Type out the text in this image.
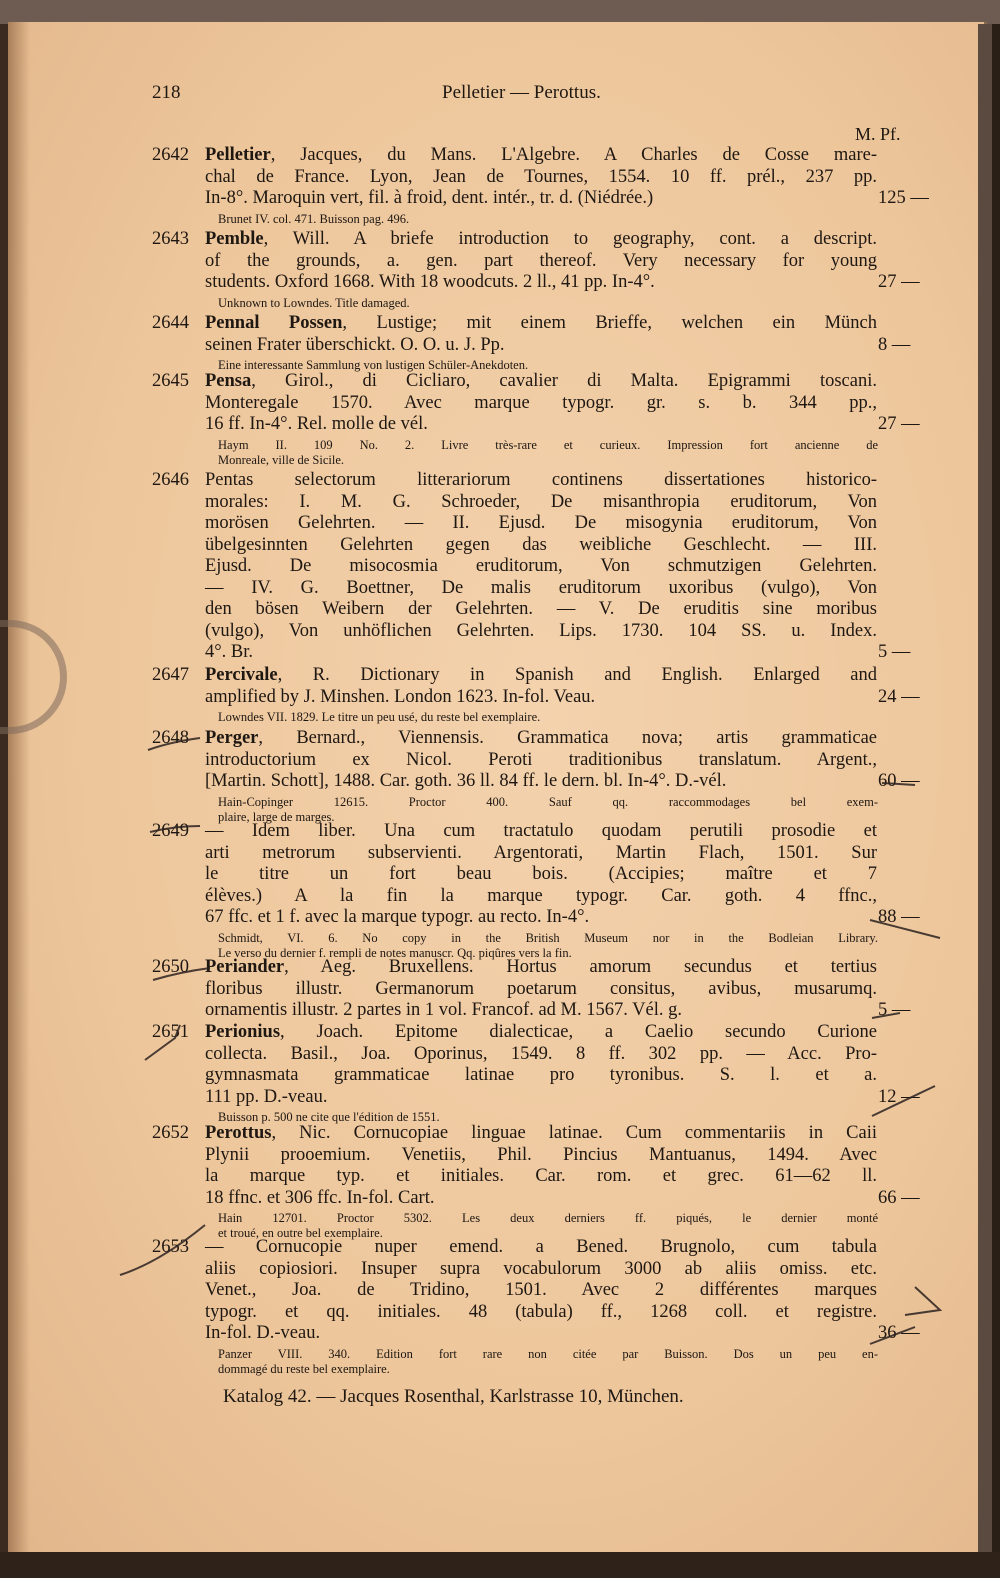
218	Pelletier — Perottus.
M. Pf.
2642 Pelletier, Jacques, du Mans. L'Algebre. A Charles de Cosse mare-
chal de France. Lyon, Jean de Tournes, 1554. 10 ff. prél., 237 pp.
In-8°. Maroquin vert, fil. à froid, dent. intér., tr. d. (Niédrée.)	125 —
Brunet IV. col. 471. Buisson pag. 496.
2643 Pemble, Will. A briefe introduction to geography, cont. a descript.
of the grounds, a. gen. part thereof. Very necessary for young
students. Oxford 1668. With 18 woodcuts. 2 ll., 41 pp. In-4°.	27 —
Unknown to Lowndes. Title damaged.
2644 Pennal Possen, Lustige; mit einem Brieffe, welchen ein Münch
seinen Frater überschickt. O. O. u. J. Pp.	8 —
Eine interessante Sammlung von lustigen Schüler-Anekdoten.
2645 Pensa, Girol., di Cicliaro, cavalier di Malta. Epigrammi toscani.
Monteregale 1570. Avec marque typogr. gr. s. b. 344 pp.,
16 ff. In-4°. Rel. molle de vél.	27 —
Haym II. 109 No. 2. Livre très-rare et curieux. Impression fort ancienne de
Monreale, ville de Sicile.
2646 Pentas selectorum litterariorum continens dissertationes historico-
morales: I. M. G. Schroeder, De misanthropia eruditorum, Von
morösen Gelehrten. — II. Ejusd. De misogynia eruditorum, Von
übelgesinnten Gelehrten gegen das weibliche Geschlecht. — III.
Ejusd. De misocosmia eruditorum, Von schmutzigen Gelehrten.
— IV. G. Boettner, De malis eruditorum uxoribus (vulgo), Von
den bösen Weibern der Gelehrten. — V. De eruditis sine moribus
(vulgo), Von unhöflichen Gelehrten. Lips. 1730. 104 SS. u. Index.
4°. Br.	5 —
2647 Percivale, R. Dictionary in Spanish and English. Enlarged and
amplified by J. Minshen. London 1623. In-fol. Veau.	24 —
Lowndes VII. 1829. Le titre un peu usé, du reste bel exemplaire.
2648 Perger, Bernard., Viennensis. Grammatica nova; artis grammaticae
introductorium ex Nicol. Peroti traditionibus translatum. Argent.,
[Martin. Schott], 1488. Car. goth. 36 ll. 84 ff. le dern. bl. In-4°. D.-vél.	60 —
Hain-Copinger 12615. Proctor 400. Sauf qq. raccommodages bel exem-
plaire, large de marges.
2649 — Idem liber. Una cum tractatulo quodam perutili prosodie et
arti metrorum subservienti. Argentorati, Martin Flach, 1501. Sur
le titre un fort beau bois. (Accipies; maître et 7
élèves.) A la fin la marque typogr. Car. goth. 4 ffnc.,
67 ffc. et 1 f. avec la marque typogr. au recto. In-4°.	88 —
Schmidt, VI. 6. No copy in the British Museum nor in the Bodleian Library.
Le verso du dernier f. rempli de notes manuscr. Qq. piqûres vers la fin.
2650 Periander, Aeg. Bruxellens. Hortus amorum secundus et tertius
floribus illustr. Germanorum poetarum consitus, avibus, musarumq.
ornamentis illustr. 2 partes in 1 vol. Francof. ad M. 1567. Vél. g.	5 —
2651 Perionius, Joach. Epitome dialecticae, a Caelio secundo Curione
collecta. Basil., Joa. Oporinus, 1549. 8 ff. 302 pp. — Acc. Pro-
gymnasmata grammaticae latinae pro tyronibus. S. l. et a.
111 pp. D.-veau.	12 —
Buisson p. 500 ne cite que l'édition de 1551.
2652 Perottus, Nic. Cornucopiae linguae latinae. Cum commentariis in Caii
Plynii prooemium. Venetiis, Phil. Pincius Mantuanus, 1494. Avec
la marque typ. et initiales. Car. rom. et grec. 61—62 ll.
18 ffnc. et 306 ffc. In-fol. Cart.	66 —
Hain 12701. Proctor 5302. Les deux derniers ff. piqués, le dernier monté
et troué, en outre bel exemplaire.
2653 — Cornucopie nuper emend. a Bened. Brugnolo, cum tabula
aliis copiosiori. Insuper supra vocabulorum 3000 ab aliis omiss. etc.
Venet., Joa. de Tridino, 1501. Avec 2 différentes marques
typogr. et qq. initiales. 48 (tabula) ff., 1268 coll. et registre.
In-fol. D.-veau.	36 —
Panzer VIII. 340. Edition fort rare non citée par Buisson. Dos un peu en-
dommagé du reste bel exemplaire.
Katalog 42. — Jacques Rosenthal, Karlstrasse 10, München.
